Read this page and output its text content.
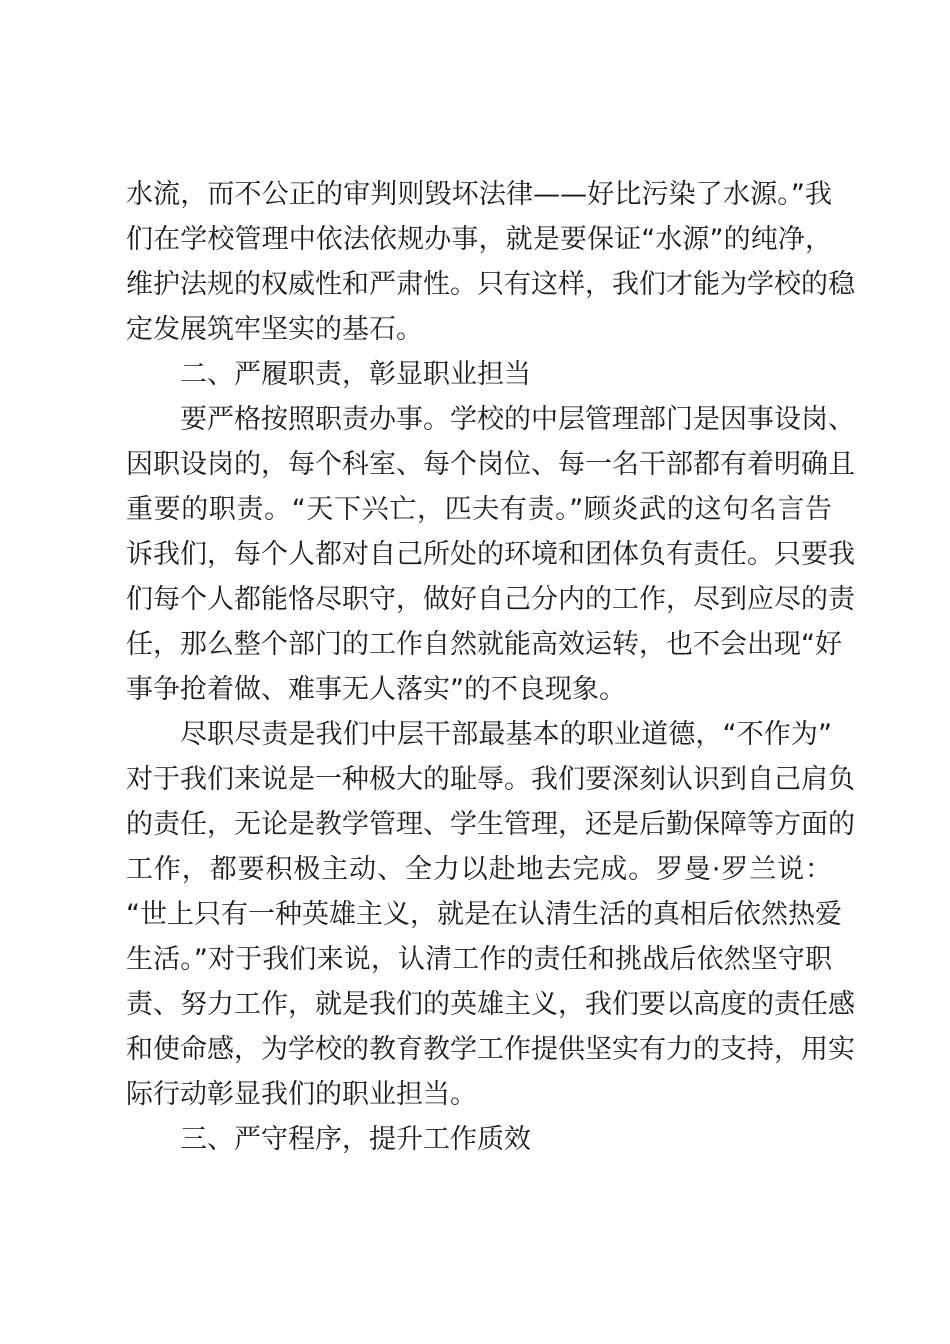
水流，而不公正的审判则毁坏法律——好比污染了水源。”我
们在学校管理中依法依规办事，就是要保证“水源”的纯净，
维护法规的权威性和严肃性。只有这样，我们才能为学校的稳
定发展筑牢坚实的基石。
二、严履职责，彰显职业担当
要严格按照职责办事。学校的中层管理部门是因事设岗、
因职设岗的，每个科室、每个岗位、每一名干部都有着明确且
重要的职责。“天下兴亡，匹夫有责。”顾炎武的这句名言告
诉我们，每个人都对自己所处的环境和团体负有责任。只要我
们每个人都能恪尽职守，做好自己分内的工作，尽到应尽的责
任，那么整个部门的工作自然就能高效运转，也不会出现“好
事争抢着做、难事无人落实”的不良现象。
尽职尽责是我们中层干部最基本的职业道德，“不作为”
对于我们来说是一种极大的耻辱。我们要深刻认识到自己肩负
的责任，无论是教学管理、学生管理，还是后勤保障等方面的
工作，都要积极主动、全力以赴地去完成。罗曼·罗兰说：
“世上只有一种英雄主义，就是在认清生活的真相后依然热爱
生活。”对于我们来说，认清工作的责任和挑战后依然坚守职
责、努力工作，就是我们的英雄主义，我们要以高度的责任感
和使命感，为学校的教育教学工作提供坚实有力的支持，用实
际行动彰显我们的职业担当。
三、严守程序，提升工作质效
